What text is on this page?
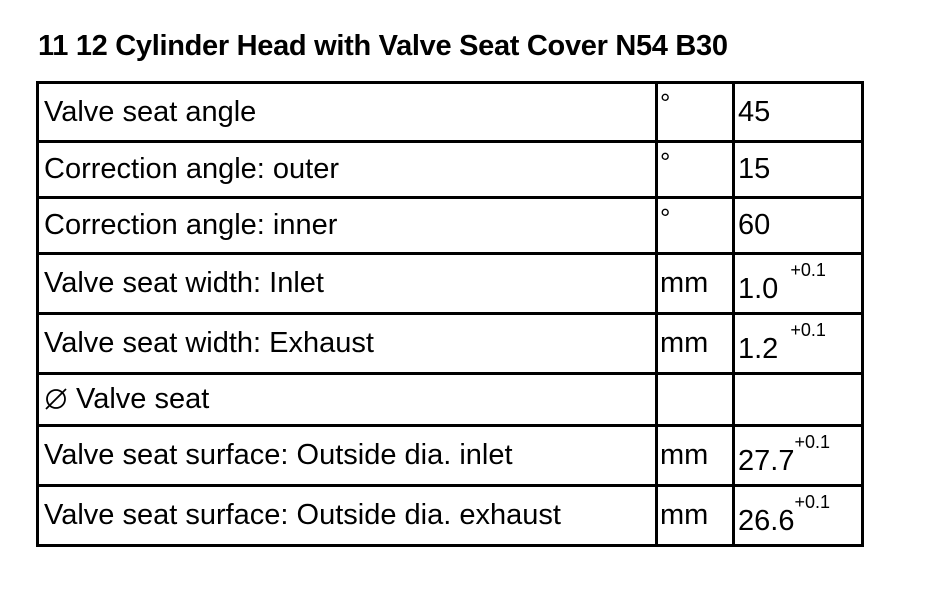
11 12 Cylinder Head with Valve Seat Cover N54 B30
Valve seat angle	°	45
Correction angle: outer	°	15
Correction angle: inner	°	60
Valve seat width: Inlet	mm	$1.0^{+0.1}$
Valve seat width: Exhaust	mm	$1.2^{+0.1}$

Valve seat		
Valve seat surface: Outside dia. inlet	mm	$27.7^{+0.1}$
Valve seat surface: Outside dia. exhaust	mm	$26.6^{+0.1}$
